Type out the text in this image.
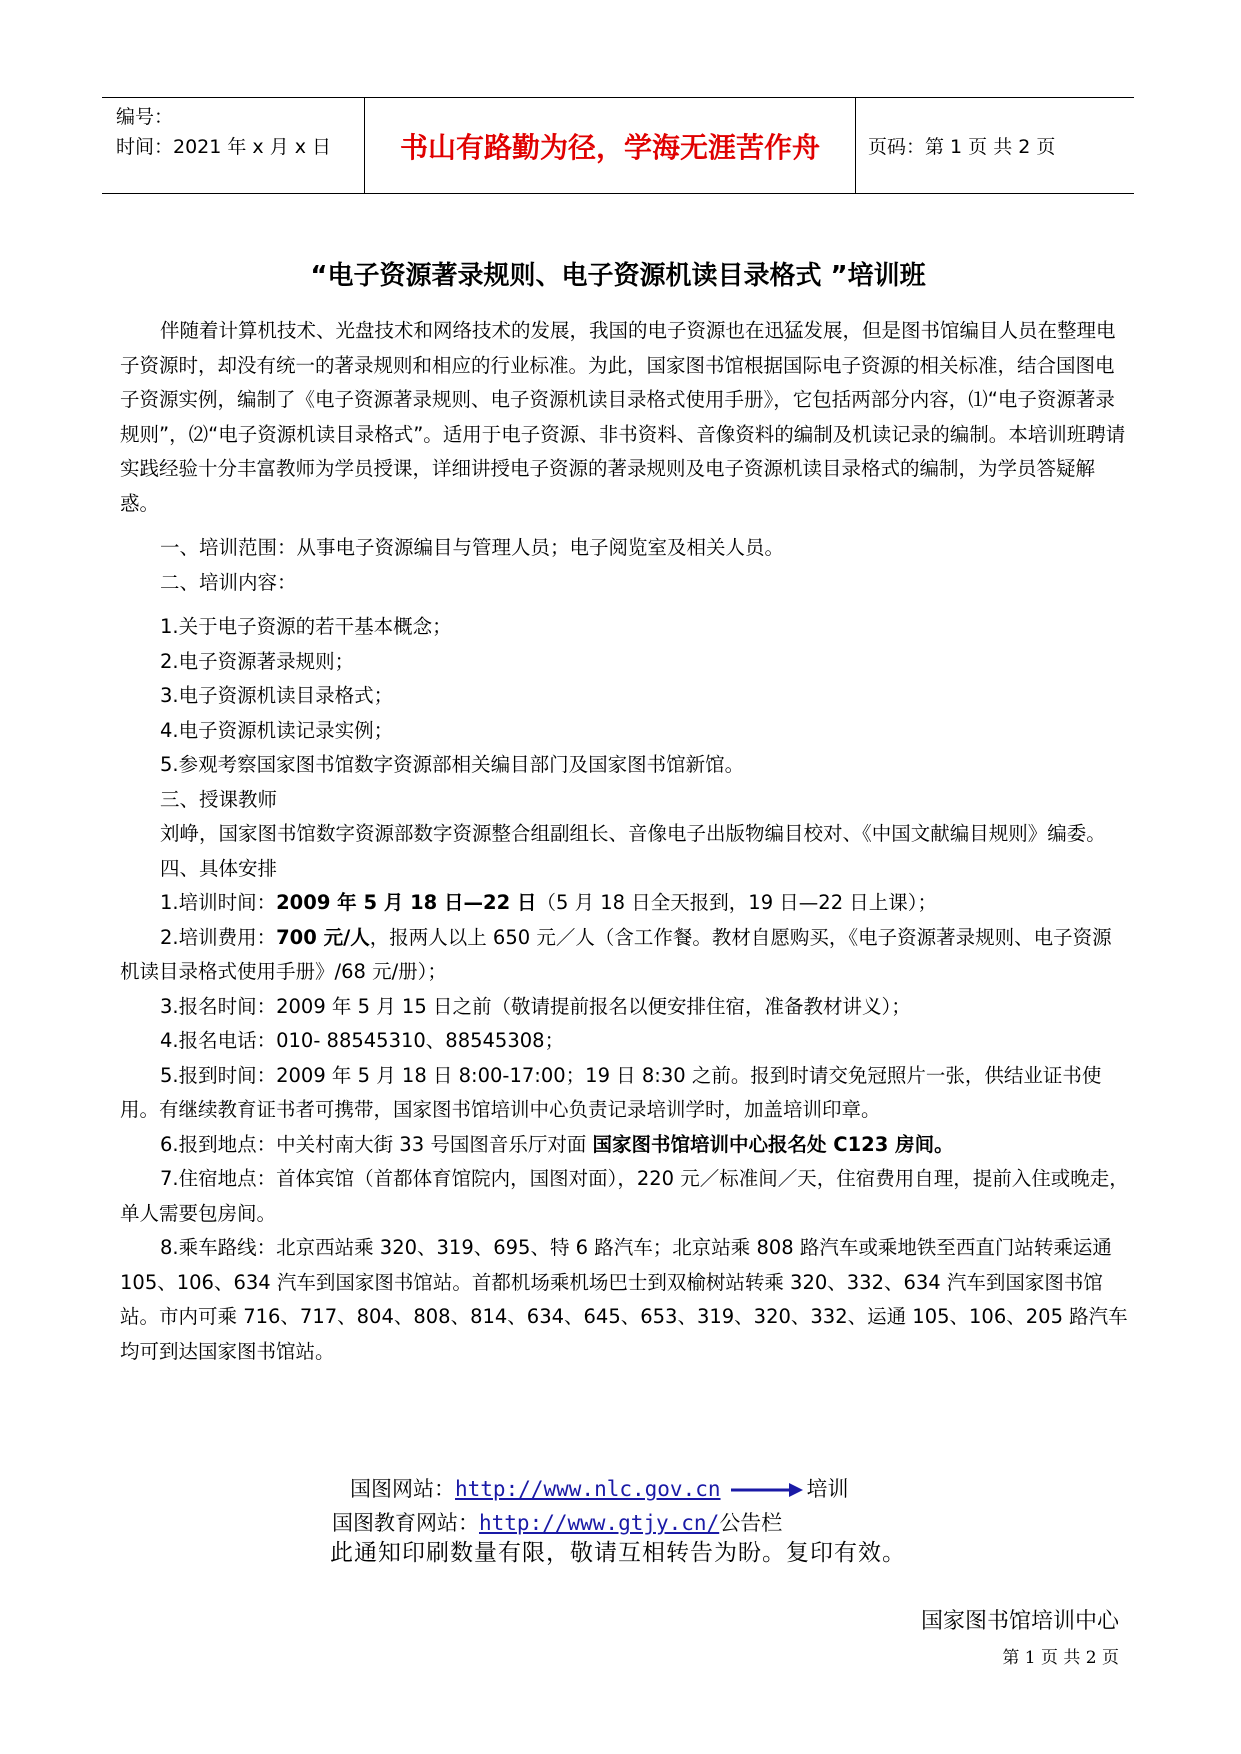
编号：
时间：2021 年 x 月 x 日	书山有路勤为径，学海无涯苦作舟	页码：第 1 页 共 2 页
“电子资源著录规则、电子资源机读目录格式 ”培训班

伴随着计算机技术、光盘技术和网络技术的发展，我国的电子资源也在迅猛发展，但是图书馆编目人员在整理电子资源时，却没有统一的著录规则和相应的行业标准。为此，国家图书馆根据国际电子资源的相关标准，结合国图电子资源实例，编制了《电子资源著录规则、电子资源机读目录格式使用手册》，它包括两部分内容，⑴“电子资源著录规则”，⑵“电子资源机读目录格式”。适用于电子资源、非书资料、音像资料的编制及机读记录的编制。本培训班聘请实践经验十分丰富教师为学员授课，详细讲授电子资源的著录规则及电子资源机读目录格式的编制，为学员答疑解惑。

一、培训范围：从事电子资源编目与管理人员；电子阅览室及相关人员。

二、培训内容：

1.关于电子资源的若干基本概念；

2.电子资源著录规则；

3.电子资源机读目录格式；

4.电子资源机读记录实例；

5.参观考察国家图书馆数字资源部相关编目部门及国家图书馆新馆。

三、授课教师

刘峥，国家图书馆数字资源部数字资源整合组副组长、音像电子出版物编目校对、《中国文献编目规则》编委。

四、具体安排

1.培训时间：2009 年 5 月 18 日—22 日（5 月 18 日全天报到，19 日—22 日上课）；

2.培训费用：700 元/人，报两人以上 650 元／人（含工作餐。教材自愿购买，《电子资源著录规则、电子资源机读目录格式使用手册》/68 元/册）；

3.报名时间：2009 年 5 月 15 日之前（敬请提前报名以便安排住宿，准备教材讲义）；

4.报名电话：010- 88545310、88545308；

5.报到时间：2009 年 5 月 18 日 8:00-17:00；19 日 8:30 之前。报到时请交免冠照片一张，供结业证书使用。有继续教育证书者可携带，国家图书馆培训中心负责记录培训学时，加盖培训印章。

6.报到地点：中关村南大街 33 号国图音乐厅对面 国家图书馆培训中心报名处 C123 房间。

7.住宿地点：首体宾馆（首都体育馆院内，国图对面），220 元／标准间／天，住宿费用自理，提前入住或晚走，单人需要包房间。

8.乘车路线：北京西站乘 320、319、695、特 6 路汽车；北京站乘 808 路汽车或乘地铁至西直门站转乘运通 105、106、634 汽车到国家图书馆站。首都机场乘机场巴士到双榆树站转乘 320、332、634 汽车到国家图书馆站。市内可乘 716、717、804、808、814、634、645、653、319、320、332、运通 105、106、205 路汽车均可到达国家图书馆站。

国图网站：http://www.nlc.gov.cn	培训
国图教育网站：http://www.gtjy.cn/公告栏
此通知印刷数量有限，敬请互相转告为盼。复印有效。
国家图书馆培训中心
第 1 页 共 2 页
